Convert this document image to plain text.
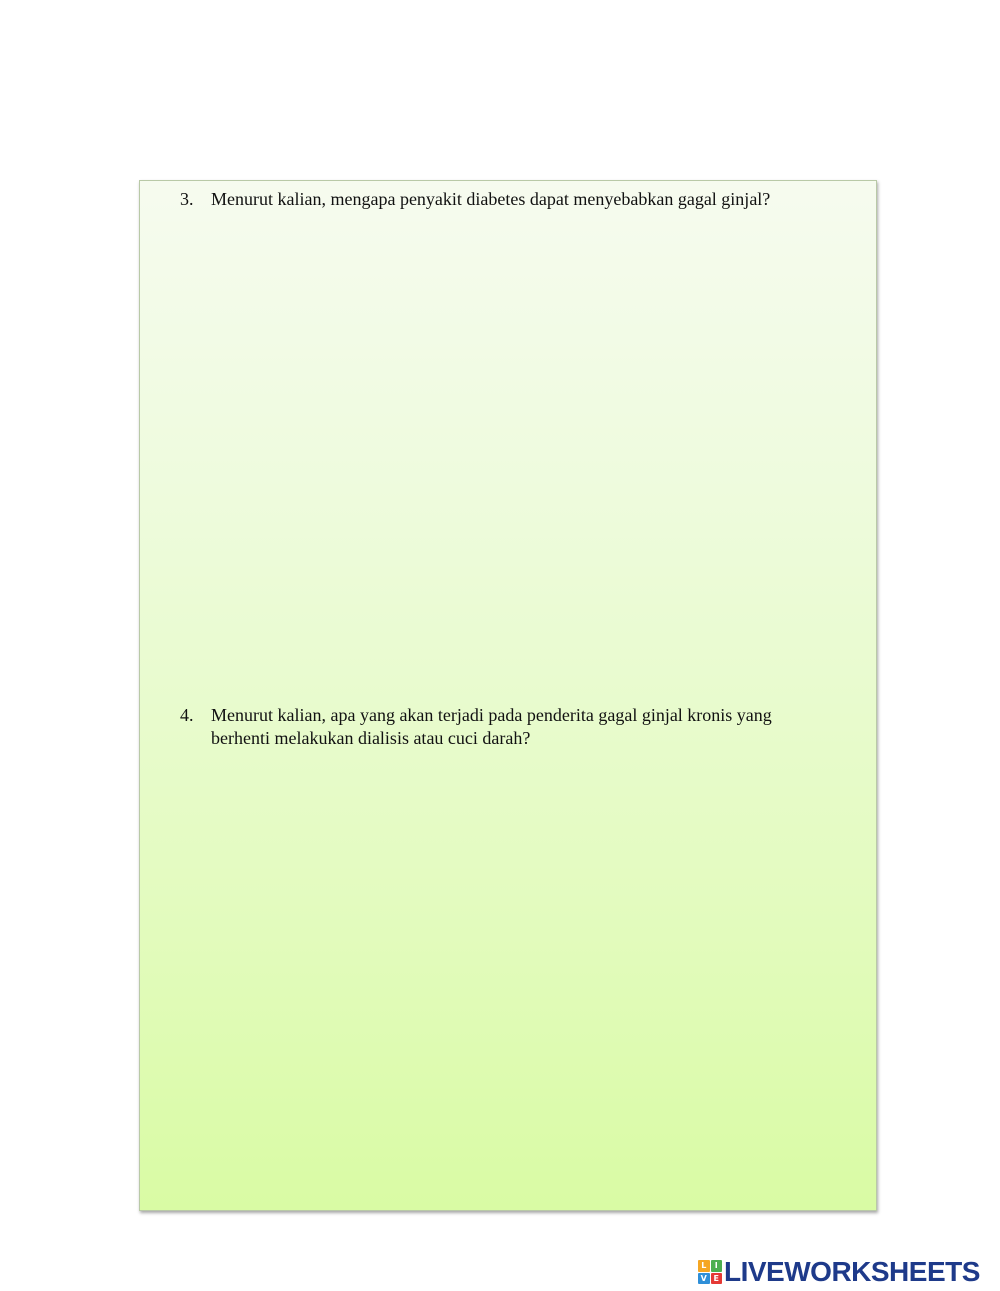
3. Menurut kalian, mengapa penyakit diabetes dapat menyebabkan gagal ginjal?
4. Menurut kalian, apa yang akan terjadi pada penderita gagal ginjal kronis yang berhenti melakukan dialisis atau cuci darah?
L	I
V E LIVEWORKSHEETS
